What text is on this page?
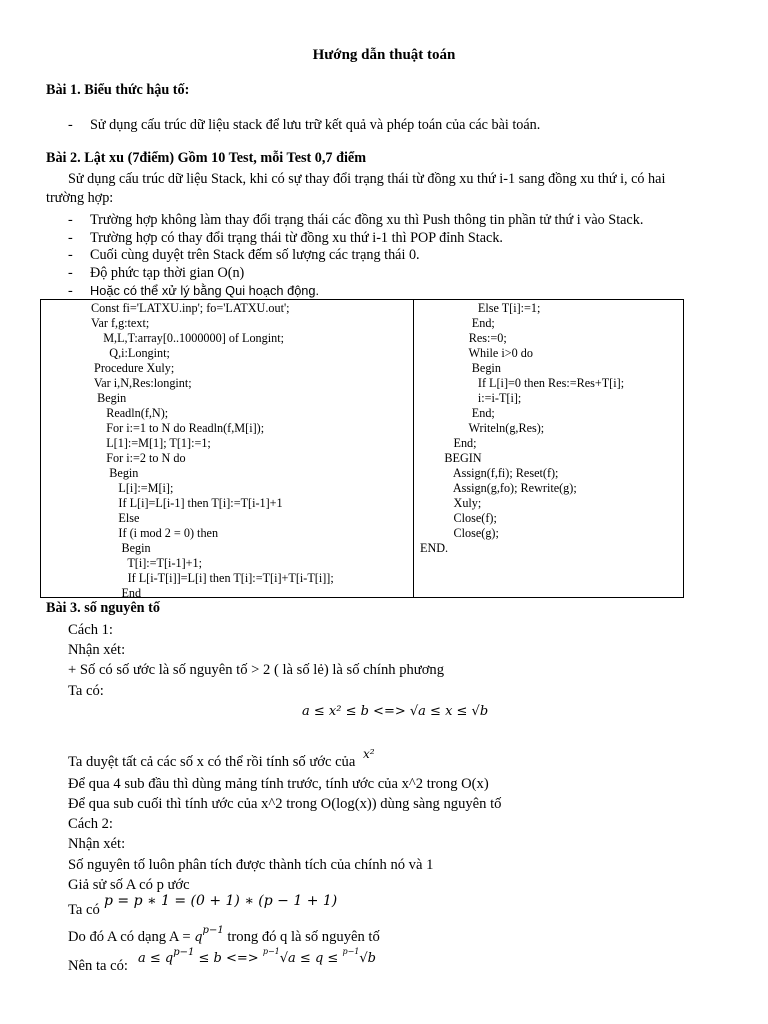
Hướng dẫn thuật toán
Bài 1. Biểu thức hậu tố:
- Sử dụng cấu trúc dữ liệu stack để lưu trữ kết quả và phép toán của các bài toán.
Bài 2. Lật xu (7điểm) Gồm 10 Test, mỗi Test 0,7 điểm
Sử dụng cấu trúc dữ liệu Stack, khi có sự thay đổi trạng thái từ đồng xu thứ i-1 sang đồng xu thứ i, có hai
trường hợp:
- Trường hợp không làm thay đổi trạng thái các đồng xu thì Push thông tin phần tử thứ i vào Stack.
- Trường hợp có thay đổi trạng thái từ đồng xu thứ i-1 thì POP đỉnh Stack.
- Cuối cùng duyệt trên Stack đếm số lượng các trạng thái 0.
- Độ phức tạp thời gian O(n)
- Hoặc có thể xử lý bằng Qui hoạch động.
Const fi='LATXU.inp'; fo='LATXU.out';
Var f,g:text;
M,L,T:array[0..1000000] of Longint;
Q,i:Longint;
Procedure Xuly;
Var i,N,Res:longint;
Begin
Readln(f,N);
For i:=1 to N do Readln(f,M[i]);
L[1]:=M[1]; T[1]:=1;
For i:=2 to N do
Begin
L[i]:=M[i];
If L[i]=L[i-1] then T[i]:=T[i-1]+1
Else
If (i mod 2 = 0) then
Begin
T[i]:=T[i-1]+1;
If L[i-T[i]]=L[i] then T[i]:=T[i]+T[i-T[i]];
End
Else T[i]:=1;
End;
Res:=0;
While i>0 do
Begin
If L[i]=0 then Res:=Res+T[i];
i:=i-T[i];
End;
Writeln(g,Res);
End;
BEGIN
Assign(f,fi); Reset(f);
Assign(g,fo); Rewrite(g);
Xuly;
Close(f);
Close(g);
END.
Bài 3. số nguyên tố
Cách 1:
Nhận xét:
+ Số có số ước là số nguyên tố > 2 ( là số lẻ) là số chính phương
Ta có:
a ≤ x² ≤ b <=> √a ≤ x ≤ √b
Ta duyệt tất cả các số x có thể rồi tính số ước của $^{x^2}$
Để qua 4 sub đầu thì dùng mảng tính trước, tính ước của x^2 trong O(x)
Để qua sub cuối thì tính ước của x^2 trong O(log(x)) dùng sàng nguyên tố
Cách 2:
Nhận xét:
Số nguyên tố luôn phân tích được thành tích của chính nó và 1
Giả sử số A có p ước
Ta có
p = p ∗ 1 = (0 + 1) ∗ (p − 1 + 1)
Do đó A có dạng $A = q^{p-1}$ trong đó q là số nguyên tố
Nên ta có: $a \le q^{p-1} \le b$ <=> $^{p-1}$√a ≤ q ≤ $^{p-1}$√b
